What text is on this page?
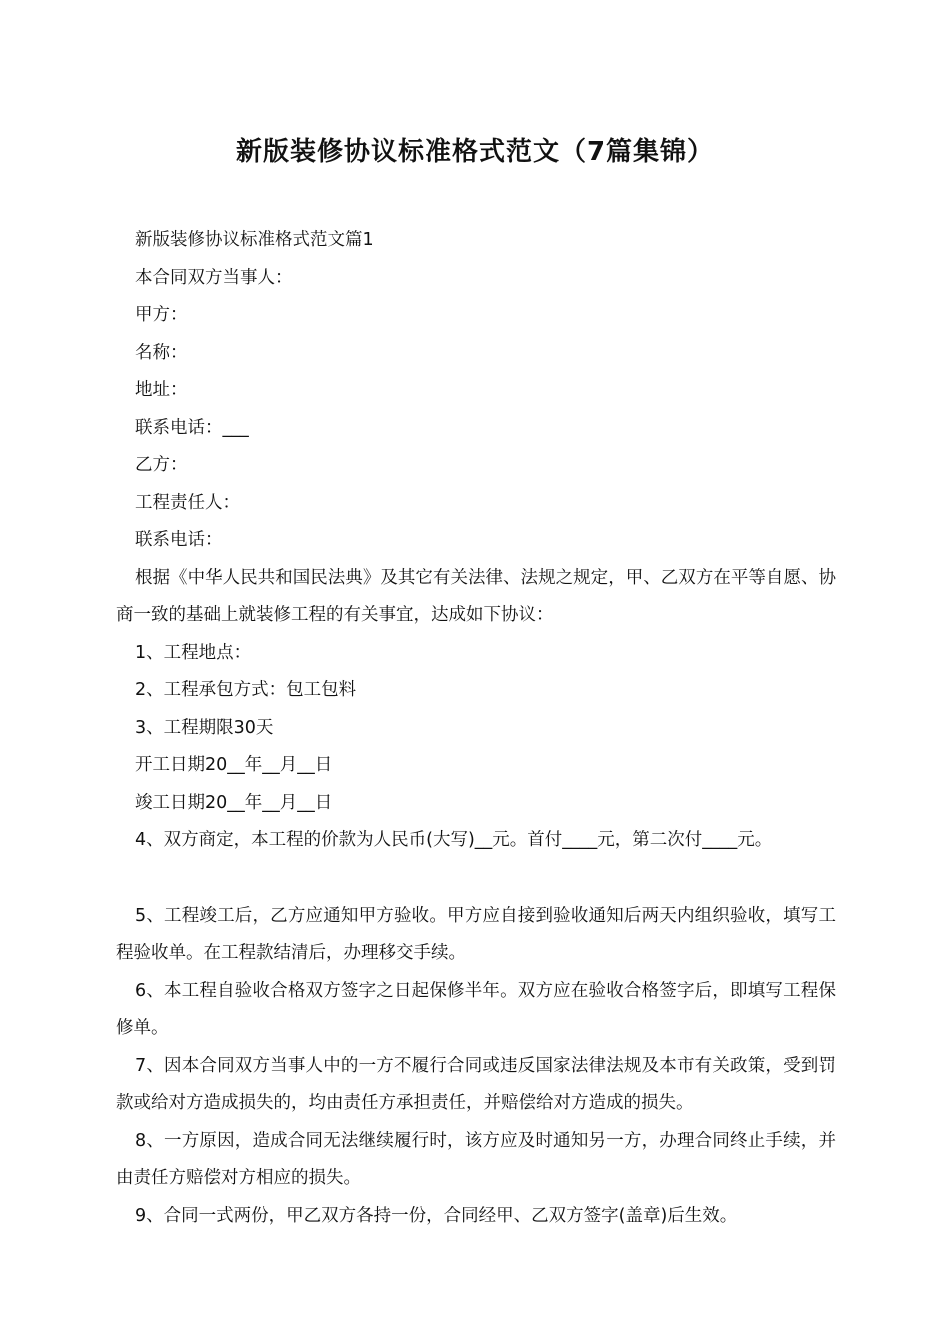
新版装修协议标准格式范文（7篇集锦）

新版装修协议标准格式范文篇1

本合同双方当事人：

甲方：

名称：

地址：

联系电话：___

乙方：

工程责任人：

联系电话：

根据《中华人民共和国民法典》及其它有关法律、法规之规定，甲、乙双方在平等自愿、协商一致的基础上就装修工程的有关事宜，达成如下协议：

1、工程地点：

2、工程承包方式：包工包料

3、工程期限30天

开工日期20__年__月__日

竣工日期20__年__月__日

4、双方商定，本工程的价款为人民币(大写)__元。首付____元，第二次付____元。

5、工程竣工后，乙方应通知甲方验收。甲方应自接到验收通知后两天内组织验收，填写工程验收单。在工程款结清后，办理移交手续。

6、本工程自验收合格双方签字之日起保修半年。双方应在验收合格签字后，即填写工程保修单。

7、因本合同双方当事人中的一方不履行合同或违反国家法律法规及本市有关政策，受到罚款或给对方造成损失的，均由责任方承担责任，并赔偿给对方造成的损失。

8、一方原因，造成合同无法继续履行时，该方应及时通知另一方，办理合同终止手续，并由责任方赔偿对方相应的损失。

9、合同一式两份，甲乙双方各持一份，合同经甲、乙双方签字(盖章)后生效。
